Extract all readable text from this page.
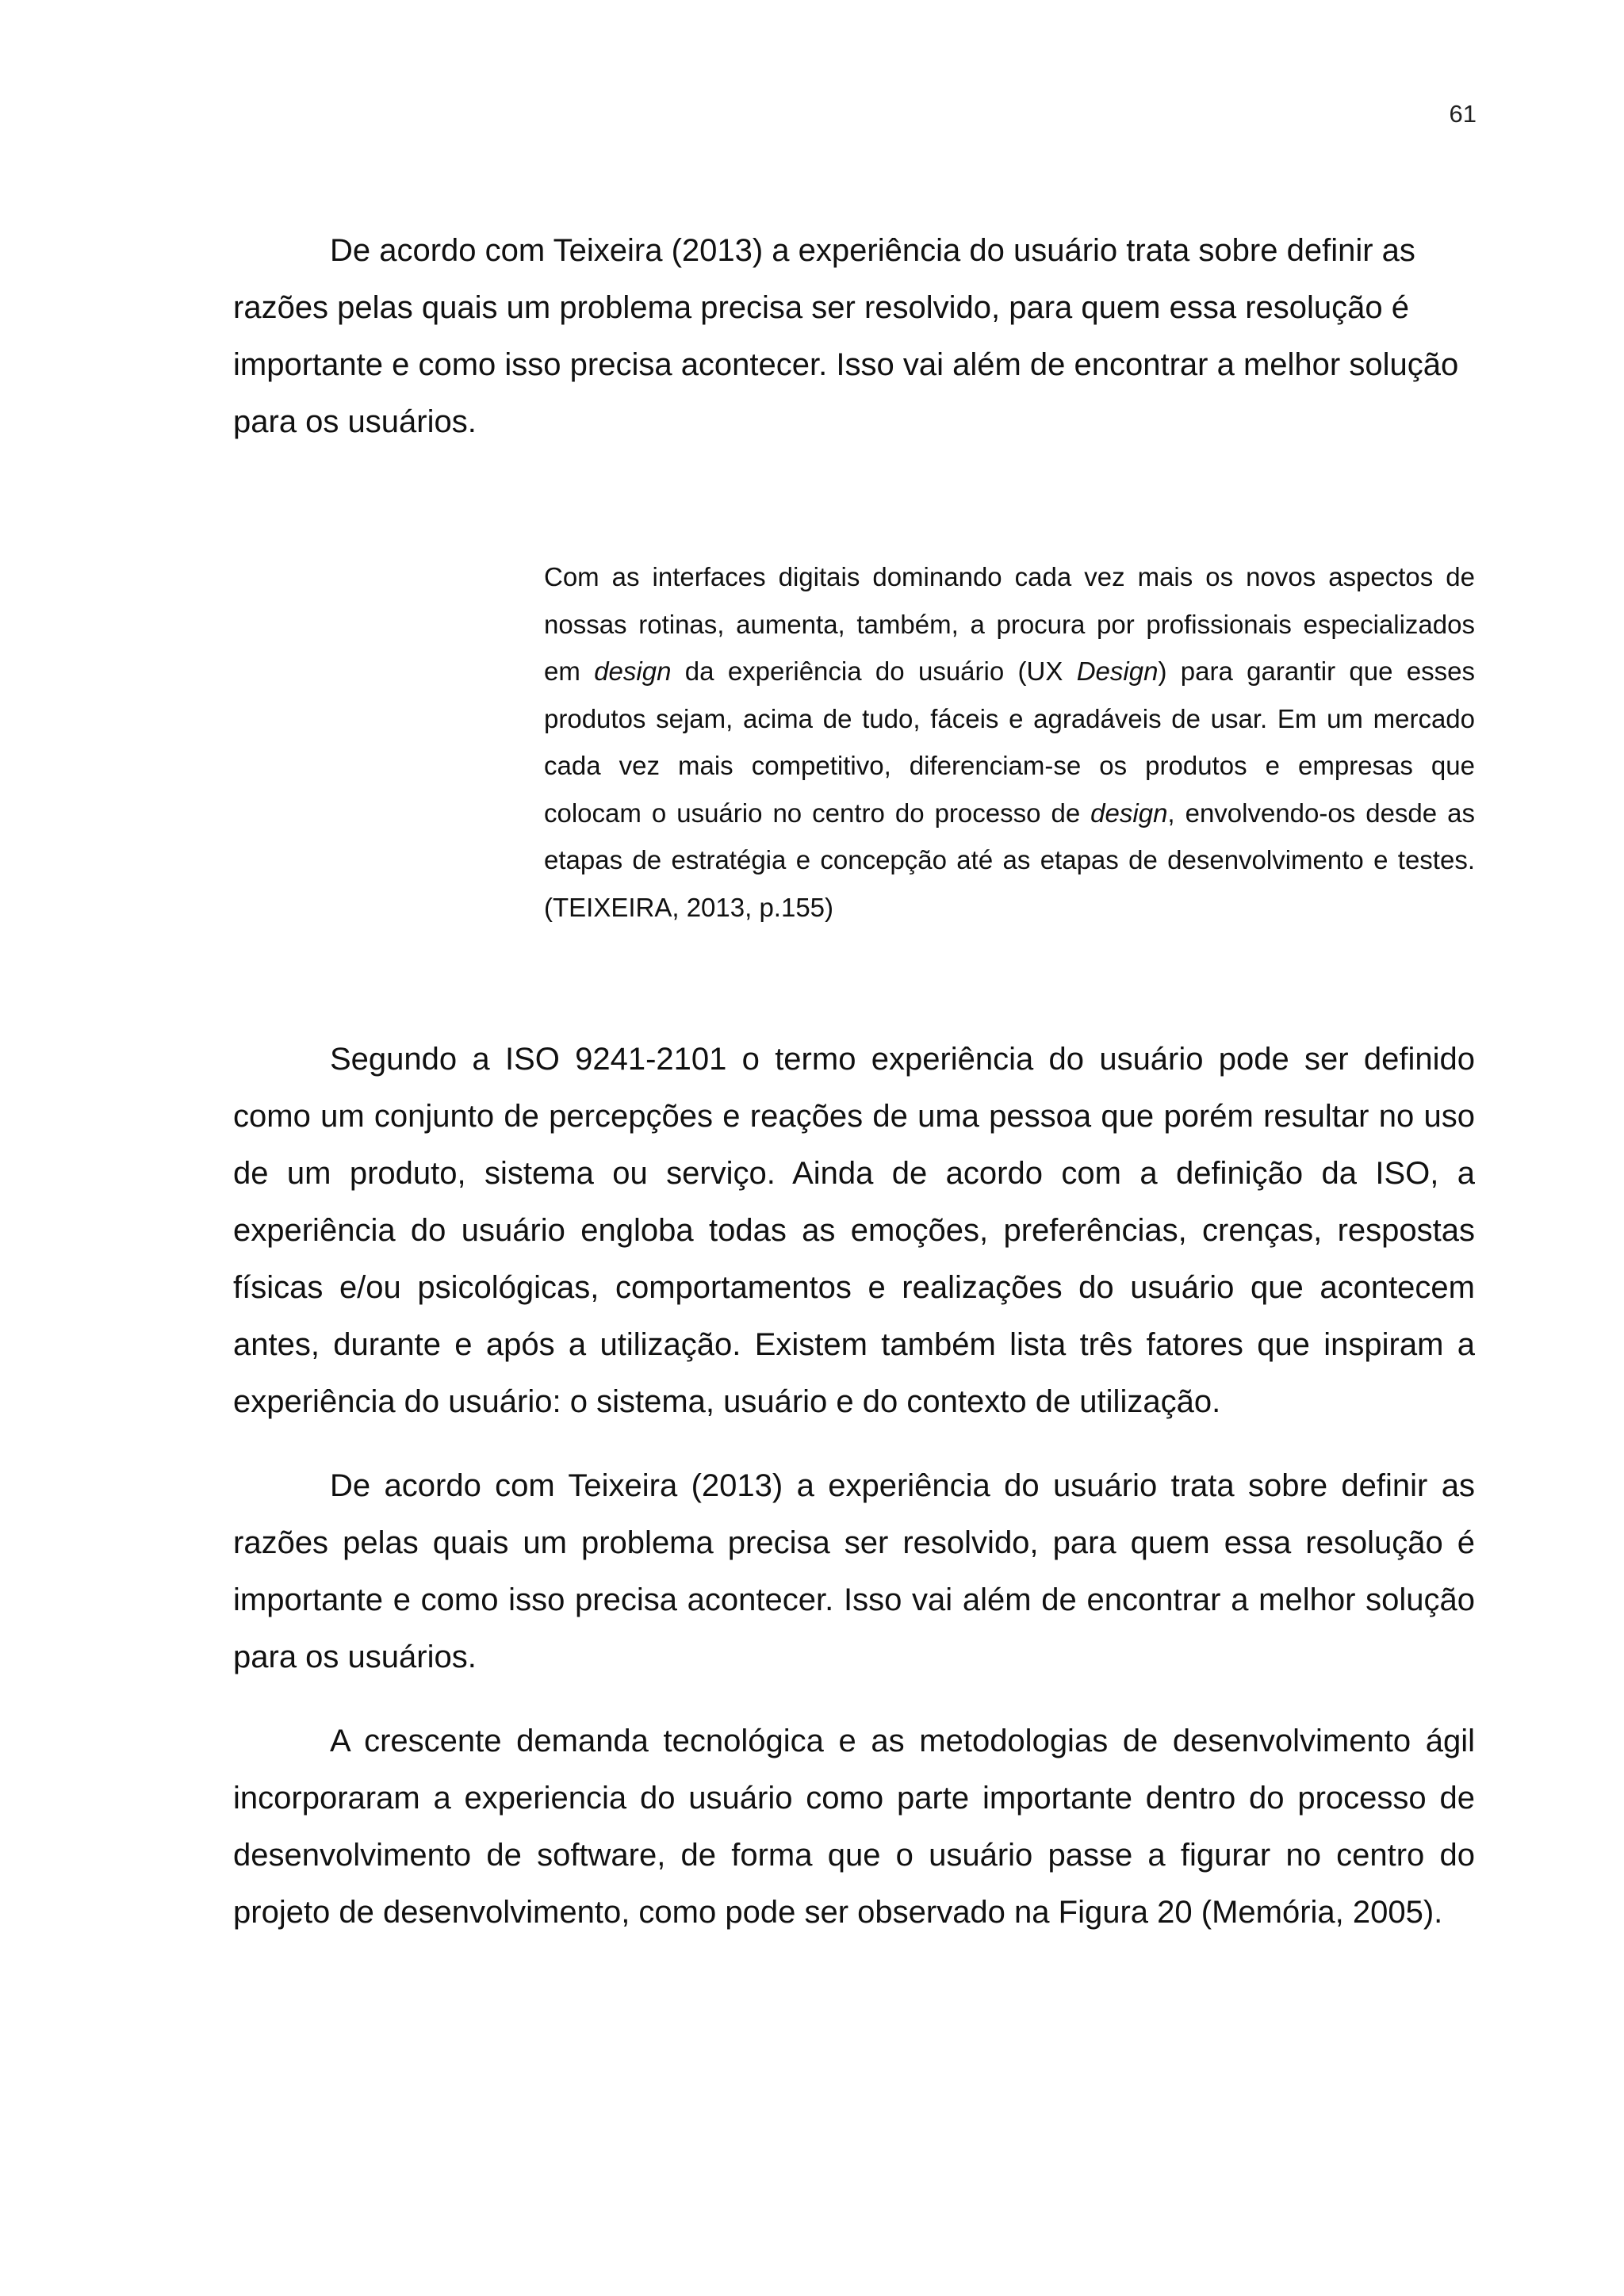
61

De acordo com Teixeira (2013) a experiência do usuário trata sobre definir as razões pelas quais um problema precisa ser resolvido, para quem essa resolução é importante e como isso precisa acontecer. Isso vai além de encontrar a melhor solução para os usuários.

Com as interfaces digitais dominando cada vez mais os novos aspectos de nossas rotinas, aumenta, também, a procura por profissionais especializados em design da experiência do usuário (UX Design) para garantir que esses produtos sejam, acima de tudo, fáceis e agradáveis de usar. Em um mercado cada vez mais competitivo, diferenciam-se os produtos e empresas que colocam o usuário no centro do processo de design, envolvendo-os desde as etapas de estratégia e concepção até as etapas de desenvolvimento e testes. (TEIXEIRA, 2013, p.155)

Segundo a ISO 9241-2101 o termo experiência do usuário pode ser definido como um conjunto de percepções e reações de uma pessoa que porém resultar no uso de um produto, sistema ou serviço. Ainda de acordo com a definição da ISO, a experiência do usuário engloba todas as emoções, preferências, crenças, respostas físicas e/ou psicológicas, comportamentos e realizações do usuário que acontecem antes, durante e após a utilização. Existem também lista três fatores que inspiram a experiência do usuário: o sistema, usuário e do contexto de utilização.

De acordo com Teixeira (2013) a experiência do usuário trata sobre definir as razões pelas quais um problema precisa ser resolvido, para quem essa resolução é importante e como isso precisa acontecer. Isso vai além de encontrar a melhor solução para os usuários.

A crescente demanda tecnológica e as metodologias de desenvolvimento ágil incorporaram a experiencia do usuário como parte importante dentro do processo de desenvolvimento de software, de forma que o usuário passe a figurar no centro do projeto de desenvolvimento, como pode ser observado na Figura 20 (Memória, 2005).
